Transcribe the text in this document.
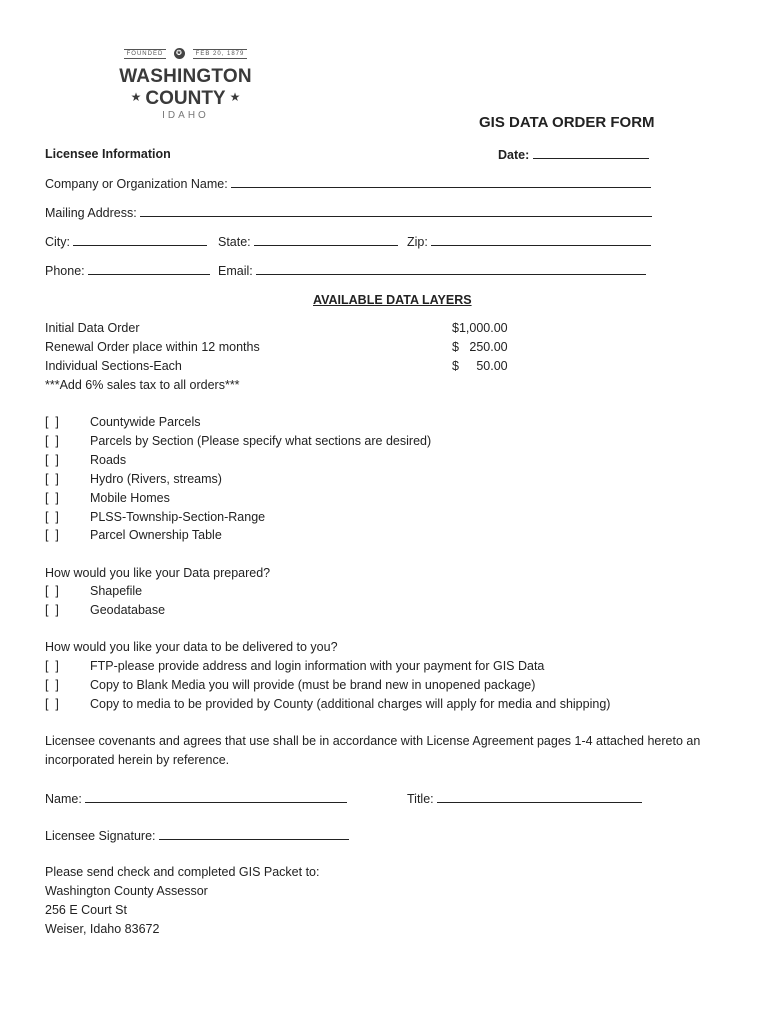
FOUNDED ✪ FEB 20, 1879
WASHINGTON
★ COUNTY ★
IDAHO	GIS DATA ORDER FORM
Licensee Information	Date:
Company or Organization Name:
Mailing Address:
City:	State:	Zip:
Phone:	Email:
AVAILABLE DATA LAYERS
Initial Data Order	$1,000.00
Renewal Order place within 12 months	$   250.00
Individual Sections-Each	$     50.00
***Add 6% sales tax to all orders***
[  ] Countywide Parcels
[  ] Parcels by Section (Please specify what sections are desired)
[  ] Roads
[  ] Hydro (Rivers, streams)
[  ] Mobile Homes
[  ] PLSS-Township-Section-Range
[  ] Parcel Ownership Table
How would you like your Data prepared?
[  ] Shapefile
[  ] Geodatabase
How would you like your data to be delivered to you?
[  ] FTP-please provide address and login information with your payment for GIS Data
[  ] Copy to Blank Media you will provide (must be brand new in unopened package)
[  ] Copy to media to be provided by County (additional charges will apply for media and shipping)
Licensee covenants and agrees that use shall be in accordance with License Agreement pages 1-4 attached hereto an
incorporated herein by reference.
Name:	Title:
Licensee Signature:
Please send check and completed GIS Packet to:
Washington County Assessor
256 E Court St
Weiser, Idaho 83672
